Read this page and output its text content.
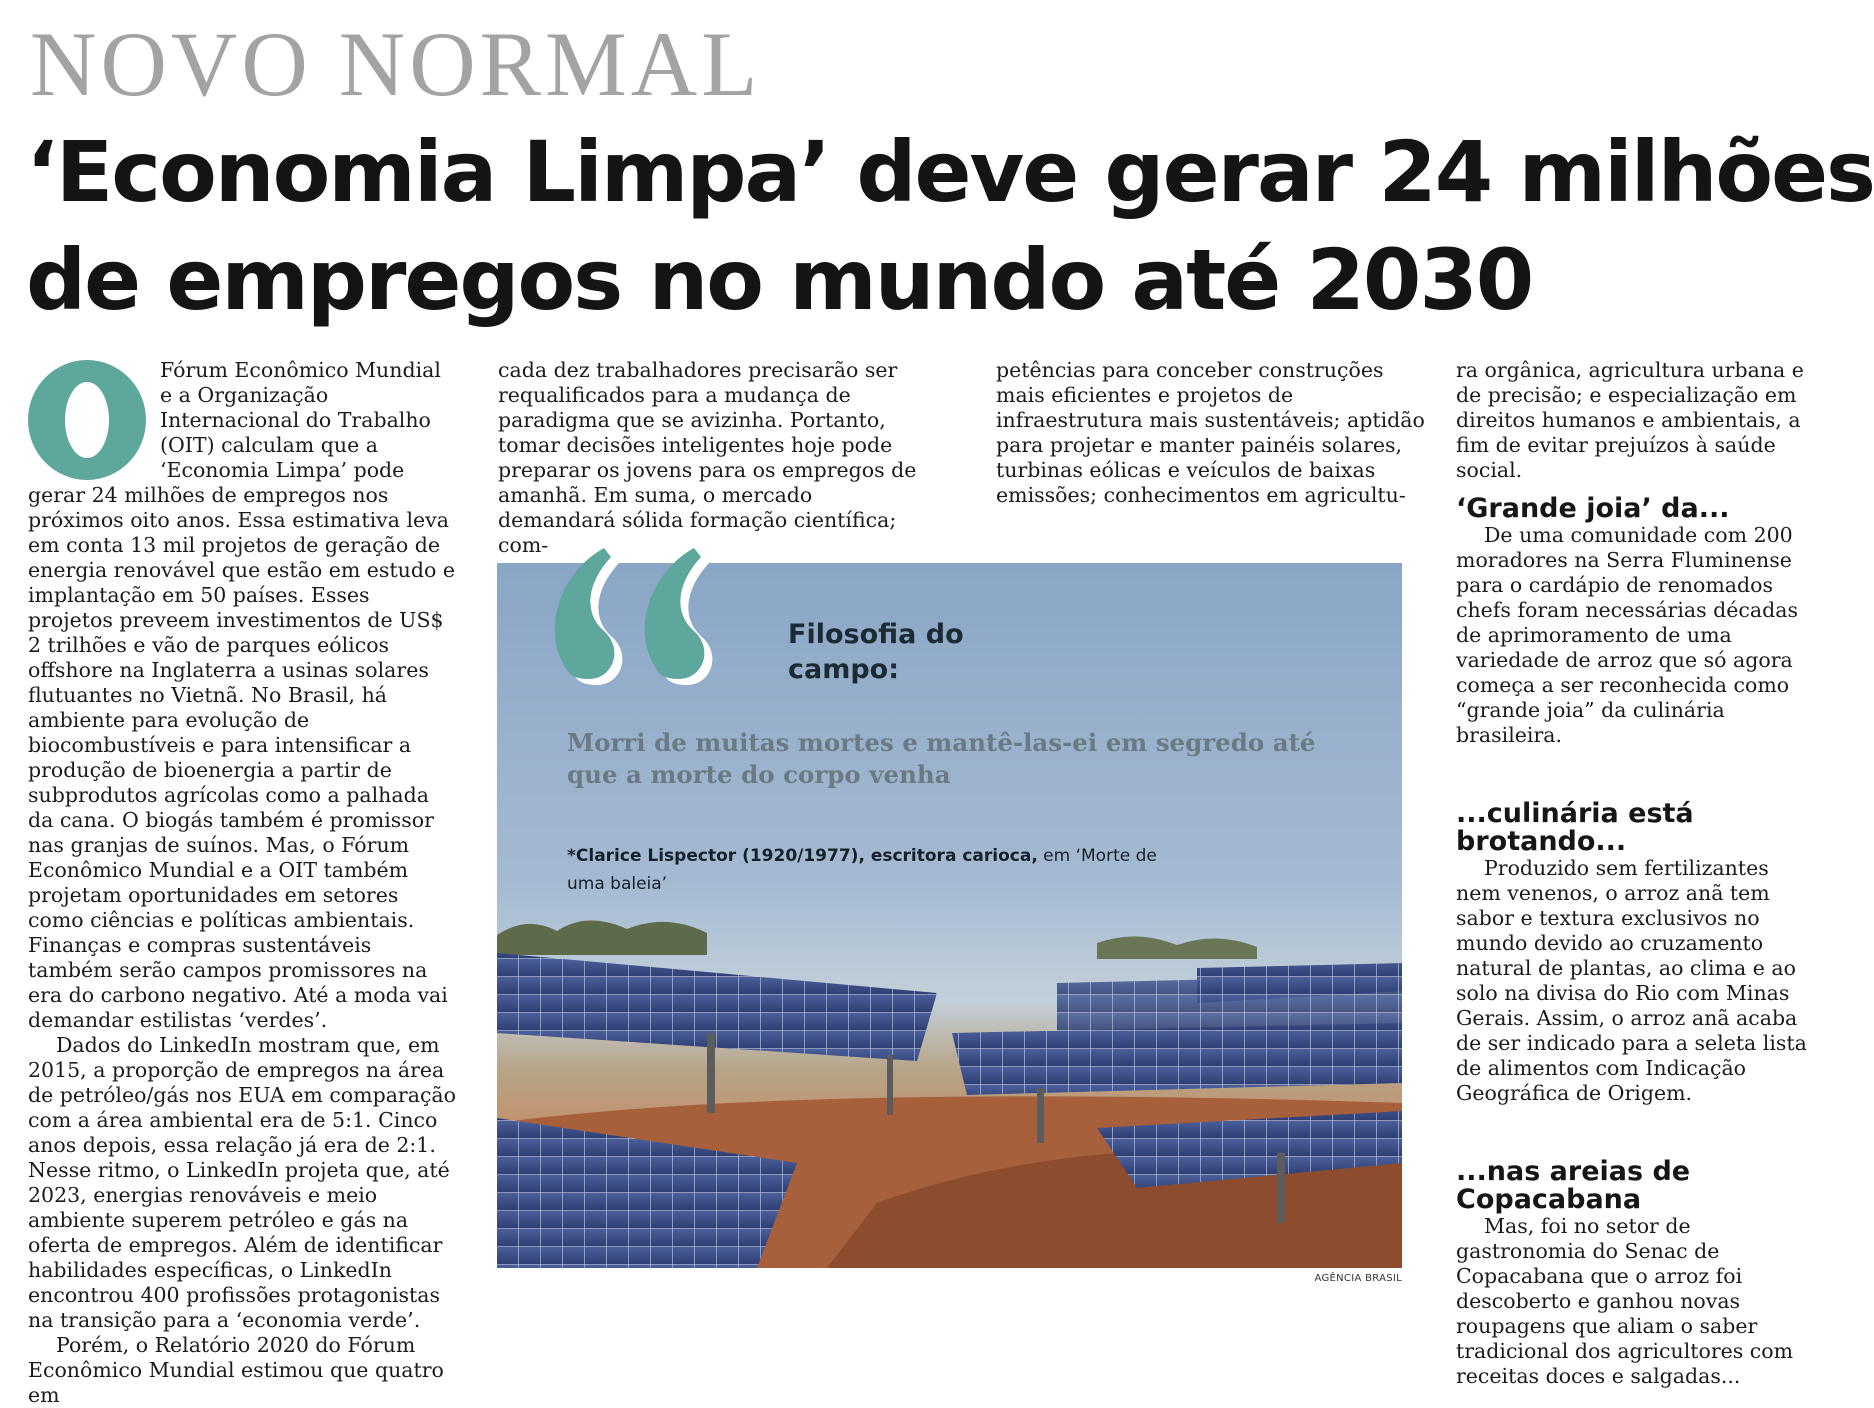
NOVO NORMAL
‘Economia Limpa’ deve gerar 24 milhões
de empregos no mundo até 2030

Fórum Econômico Mundial e a Organização Internacional do Trabalho (OIT) calculam que a ‘Economia Limpa’ pode gerar 24 milhões de empregos nos próximos oito anos. Essa estimativa leva em conta 13 mil projetos de geração de energia renovável que estão em estudo e implantação em 50 países. Esses projetos preveem investimentos de US$ 2 trilhões e vão de parques eólicos offshore na Inglaterra a usinas solares flutuantes no Vietnã. No Brasil, há ambiente para evolução de biocombustíveis e para intensificar a produção de bioenergia a partir de subprodutos agrícolas como a palhada da cana. O biogás também é promissor nas granjas de suínos. Mas, o Fórum Econômico Mundial e a OIT também projetam oportunidades em setores como ciências e políticas ambientais. Finanças e compras sustentáveis também serão campos promissores na era do carbono negativo. Até a moda vai demandar estilistas ‘verdes’.

Dados do LinkedIn mostram que, em 2015, a proporção de empregos na área de petróleo/gás nos EUA em comparação com a área ambiental era de 5:1. Cinco anos depois, essa relação já era de 2:1. Nesse ritmo, o LinkedIn projeta que, até 2023, energias renováveis e meio ambiente superem petróleo e gás na oferta de empregos. Além de identificar habilidades específicas, o LinkedIn encontrou 400 profissões protagonistas na transição para a ‘economia verde’.

Porém, o Relatório 2020 do Fórum Econômico Mundial estimou que quatro em

cada dez trabalhadores precisarão ser requalificados para a mudança de paradigma que se avizinha. Portanto, tomar decisões inteligentes hoje pode preparar os jovens para os empregos de amanhã. Em suma, o mercado demandará sólida formação científica; com-

petências para conceber construções mais eficientes e projetos de infraestrutura mais sustentáveis; aptidão para projetar e manter painéis solares, turbinas eólicas e veículos de baixas emissões; conhecimentos em agricultu-

ra orgânica, agricultura urbana e de precisão; e especialização em direitos humanos e ambientais, a fim de evitar prejuízos à saúde social.

‘Grande joia’ da...

De uma comunidade com 200 moradores na Serra Fluminense para o cardápio de renomados chefs foram necessárias décadas de aprimoramento de uma variedade de arroz que só agora começa a ser reconhecida como “grande joia” da culinária brasileira.

...culinária está brotando...

Produzido sem fertilizantes nem venenos, o arroz anã tem sabor e textura exclusivos no mundo devido ao cruzamento natural de plantas, ao clima e ao solo na divisa do Rio com Minas Gerais. Assim, o arroz anã acaba de ser indicado para a seleta lista de alimentos com Indicação Geográfica de Origem.

...nas areias de Copacabana

Mas, foi no setor de gastronomia do Senac de Copacabana que o arroz foi descoberto e ganhou novas roupagens que aliam o saber tradicional dos agricultores com receitas doces e salgadas...

Filosofia do campo:
Morri de muitas mortes e mantê-las-ei em segredo até que a morte do corpo venha
*Clarice Lispector (1920/1977), escritora carioca, em ‘Morte de uma baleia’
AGÊNCIA BRASIL
